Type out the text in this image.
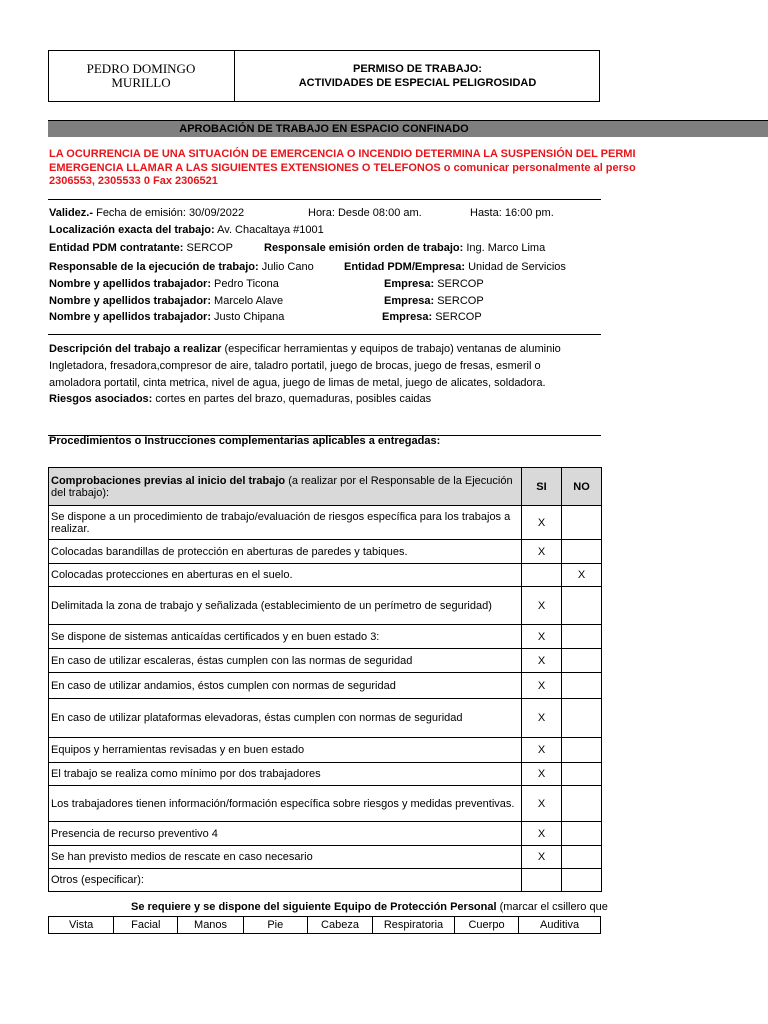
PEDRO DOMINGO
MURILLO
PERMISO DE TRABAJO:
ACTIVIDADES DE ESPECIAL PELIGROSIDAD
APROBACIÓN DE TRABAJO EN ESPACIO CONFINADO
LA OCURRENCIA DE UNA SITUACIÓN DE EMERCENCIA O INCENDIO DETERMINA LA SUSPENSIÓN DEL PERMI
EMERGENCIA LLAMAR A LAS SIGUIENTES EXTENSIONES O TELEFONOS o comunicar personalmente al perso
2306553, 2305533 0 Fax 2306521
Validez.- Fecha de emisión: 30/09/2022	Hora: Desde 08:00 am.	Hasta: 16:00 pm.
Localización exacta del trabajo: Av. Chacaltaya #1001
Entidad PDM contratante: SERCOP	Responsale emisión orden de trabajo: Ing. Marco Lima
Responsable de la ejecución de trabajo: Julio Cano	Entidad PDM/Empresa: Unidad de Servicios
Nombre y apellidos trabajador: Pedro Ticona	Empresa: SERCOP
Nombre y apellidos trabajador: Marcelo Alave	Empresa: SERCOP
Nombre y apellidos trabajador: Justo Chipana	Empresa: SERCOP
Descripción del trabajo a realizar (especificar herramientas y equipos de trabajo) ventanas de aluminio
Ingletadora, fresadora,compresor de aire, taladro portatil, juego de brocas, juego de fresas, esmeril o
amoladora portatil, cinta metrica, nivel de agua, juego de limas de metal, juego de alicates, soldadora.
Riesgos asociados: cortes en partes del brazo, quemaduras, posibles caidas
Procedimientos o Instrucciones complementarias aplicables a entregadas:
Comprobaciones previas al inicio del trabajo (a realizar por el Responsable de la Ejecución del trabajo):	SI	NO
Se dispone a un procedimiento de trabajo/evaluación de riesgos específica para los trabajos a realizar.	X	
Colocadas barandillas de protección en aberturas de paredes y tabiques.	X	
Colocadas protecciones en aberturas en el suelo.		X
Delimitada la zona de trabajo y señalizada (establecimiento de un perímetro de seguridad)	X	
Se dispone de sistemas anticaídas certificados y en buen estado 3:	X	
En caso de utilizar escaleras, éstas cumplen con las normas de seguridad	X	
En caso de utilizar andamios, éstos cumplen con normas de seguridad	X	
En caso de utilizar plataformas elevadoras, éstas cumplen con normas de seguridad	X	
Equipos y herramientas revisadas y en buen estado	X	
El trabajo se realiza como mínimo por dos trabajadores	X	
Los trabajadores tienen información/formación específica sobre riesgos y medidas preventivas.	X	
Presencia de recurso preventivo 4	X	
Se han previsto medios de rescate en caso necesario	X	
Otros (especificar):		
Se requiere y se dispone del siguiente Equipo de Protección Personal (marcar el csillero que
Vista	Facial	Manos	Pie	Cabeza	Respiratoria	Cuerpo	Auditiva
